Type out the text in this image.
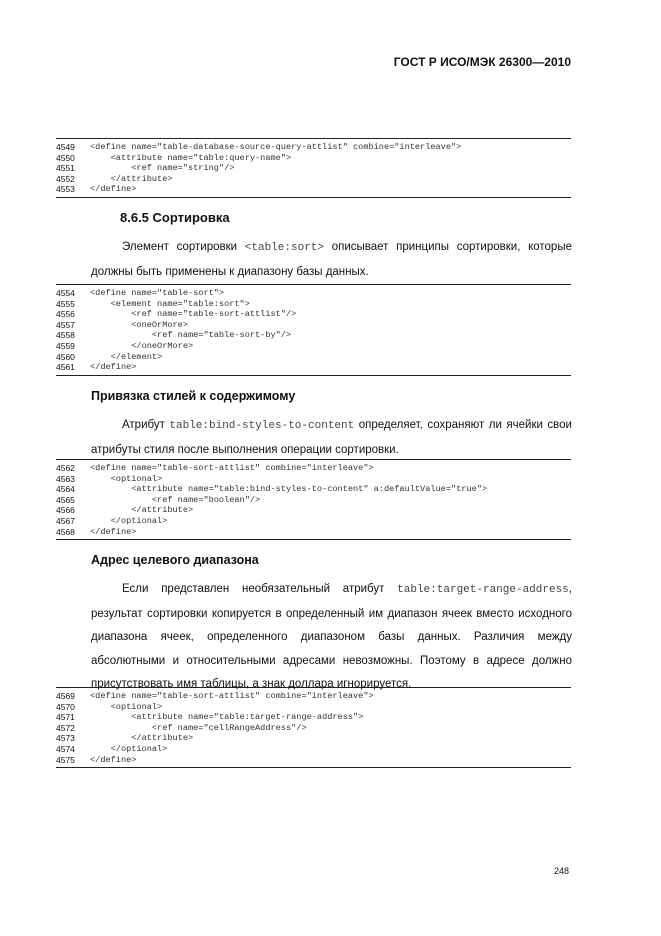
ГОСТ Р ИСО/МЭК 26300—2010
4549	<define name="table-database-source-query-attlist" combine="interleave">
4550	<attribute name="table:query-name">
4551	<ref name="string"/>
4552	</attribute>
4553	</define>
8.6.5 Сортировка
Элемент сортировки <table:sort> описывает принципы сортировки, которые должны быть применены к диапазону базы данных.
4554	<define name="table-sort">
4555	<element name="table:sort">
4556	<ref name="table-sort-attlist"/>
4557	<oneOrMore>
4558	<ref name="table-sort-by"/>
4559	</oneOrMore>
4560	</element>
4561	</define>
Привязка стилей к содержимому
Атрибут table:bind-styles-to-content определяет, сохраняют ли ячейки свои атрибуты стиля после выполнения операции сортировки.
4562	<define name="table-sort-attlist" combine="interleave">
4563	<optional>
4564	<attribute name="table:bind-styles-to-content" a:defaultValue="true">
4565	<ref name="boolean"/>
4566	</attribute>
4567	</optional>
4568	</define>
Адрес целевого диапазона
Если представлен необязательный атрибут table:target-range-address, результат сортировки копируется в определенный им диапазон ячеек вместо исходного диапазона ячеек, определенного диапазоном базы данных. Различия между абсолютными и относительными адресами невозможны. Поэтому в адресе должно присутствовать имя таблицы, а знак доллара игнорируется.
4569	<define name="table-sort-attlist" combine="interleave">
4570	<optional>
4571	<attribute name="table:target-range-address">
4572	<ref name="cellRangeAddress"/>
4573	</attribute>
4574	</optional>
4575	</define>
248
